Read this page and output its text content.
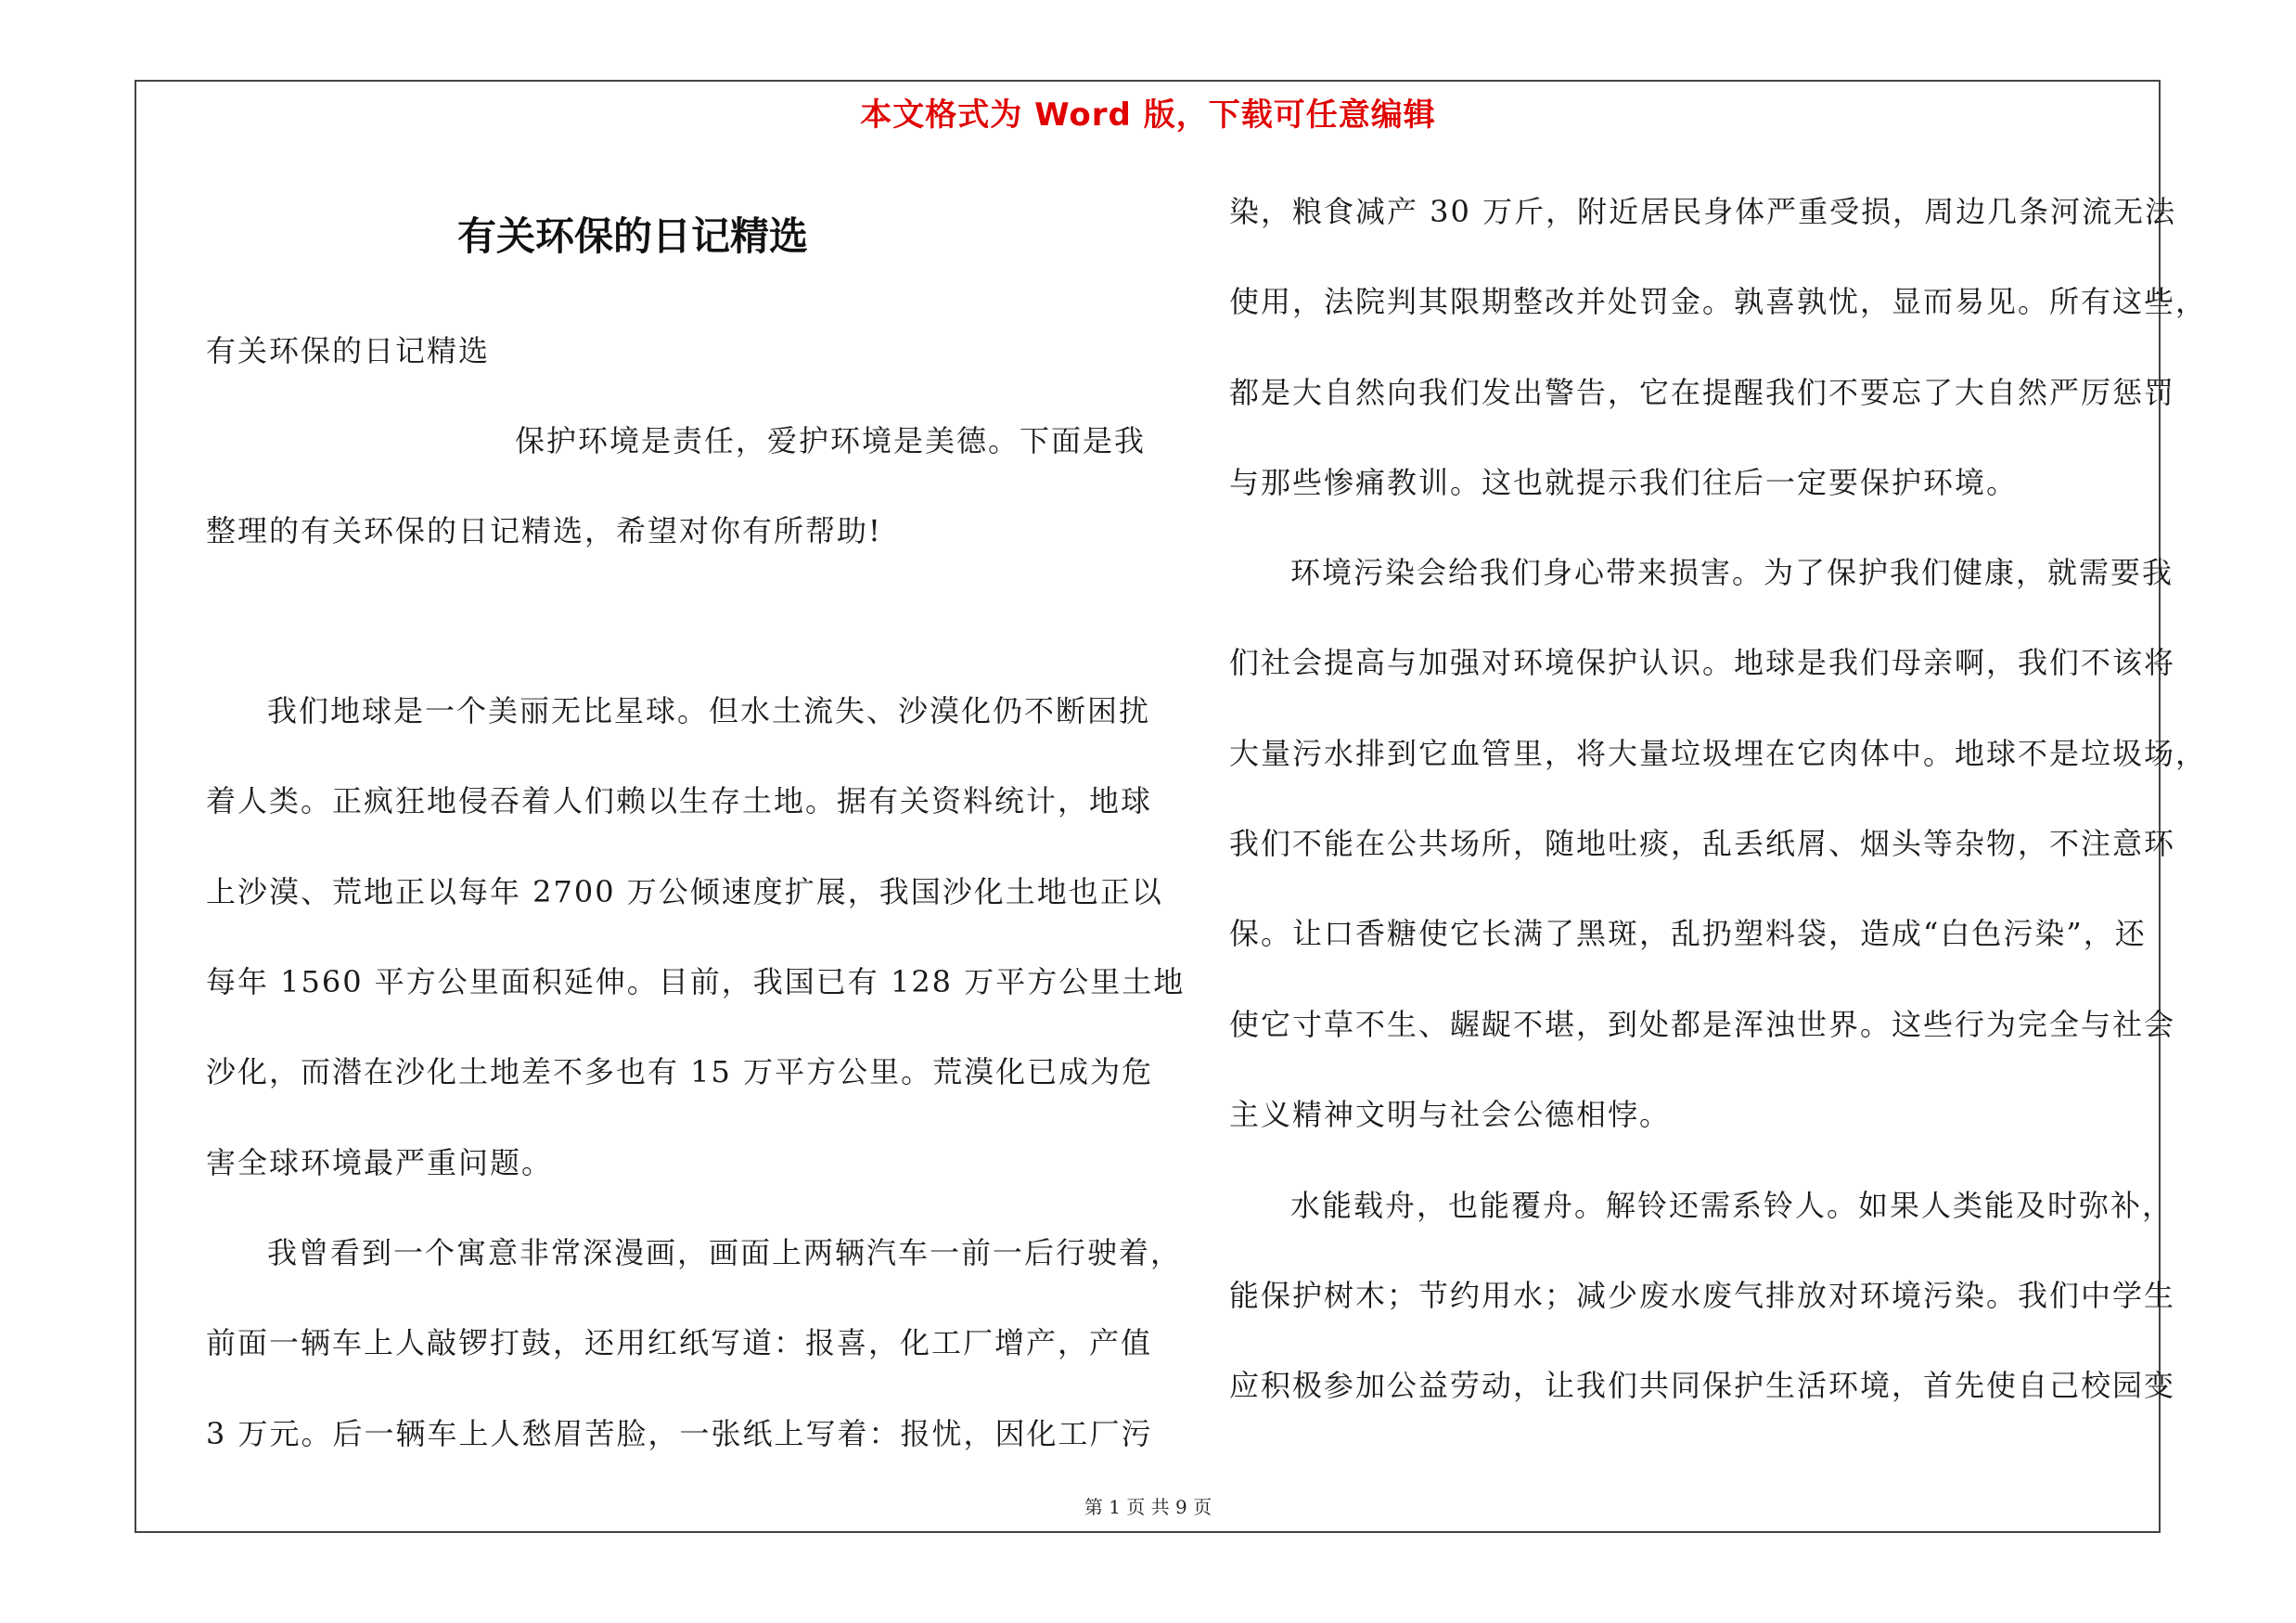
本文格式为 Word 版，下载可任意编辑
有关环保的日记精选
有关环保的日记精选
保护环境是责任，爱护环境是美德。下面是我
整理的有关环保的日记精选，希望对你有所帮助!
我们地球是一个美丽无比星球。但水土流失、沙漠化仍不断困扰
着人类。正疯狂地侵吞着人们赖以生存土地。据有关资料统计，地球
上沙漠、荒地正以每年 2700 万公倾速度扩展，我国沙化土地也正以
每年 1560 平方公里面积延伸。目前，我国已有 128 万平方公里土地
沙化，而潜在沙化土地差不多也有 15 万平方公里。荒漠化已成为危
害全球环境最严重问题。
我曾看到一个寓意非常深漫画，画面上两辆汽车一前一后行驶着，
前面一辆车上人敲锣打鼓，还用红纸写道：报喜，化工厂增产，产值
3 万元。后一辆车上人愁眉苦脸，一张纸上写着：报忧，因化工厂污
染，粮食减产 30 万斤，附近居民身体严重受损，周边几条河流无法
使用，法院判其限期整改并处罚金。孰喜孰忧，显而易见。所有这些，
都是大自然向我们发出警告，它在提醒我们不要忘了大自然严厉惩罚
与那些惨痛教训。这也就提示我们往后一定要保护环境。
环境污染会给我们身心带来损害。为了保护我们健康，就需要我
们社会提高与加强对环境保护认识。地球是我们母亲啊，我们不该将
大量污水排到它血管里，将大量垃圾埋在它肉体中。地球不是垃圾场，
我们不能在公共场所，随地吐痰，乱丢纸屑、烟头等杂物，不注意环
保。让口香糖使它长满了黑斑，乱扔塑料袋，造成“白色污染”，还
使它寸草不生、龌龊不堪，到处都是浑浊世界。这些行为完全与社会
主义精神文明与社会公德相悖。
水能载舟，也能覆舟。解铃还需系铃人。如果人类能及时弥补，
能保护树木；节约用水；减少废水废气排放对环境污染。我们中学生
应积极参加公益劳动，让我们共同保护生活环境，首先使自己校园变
第 1 页 共 9 页
